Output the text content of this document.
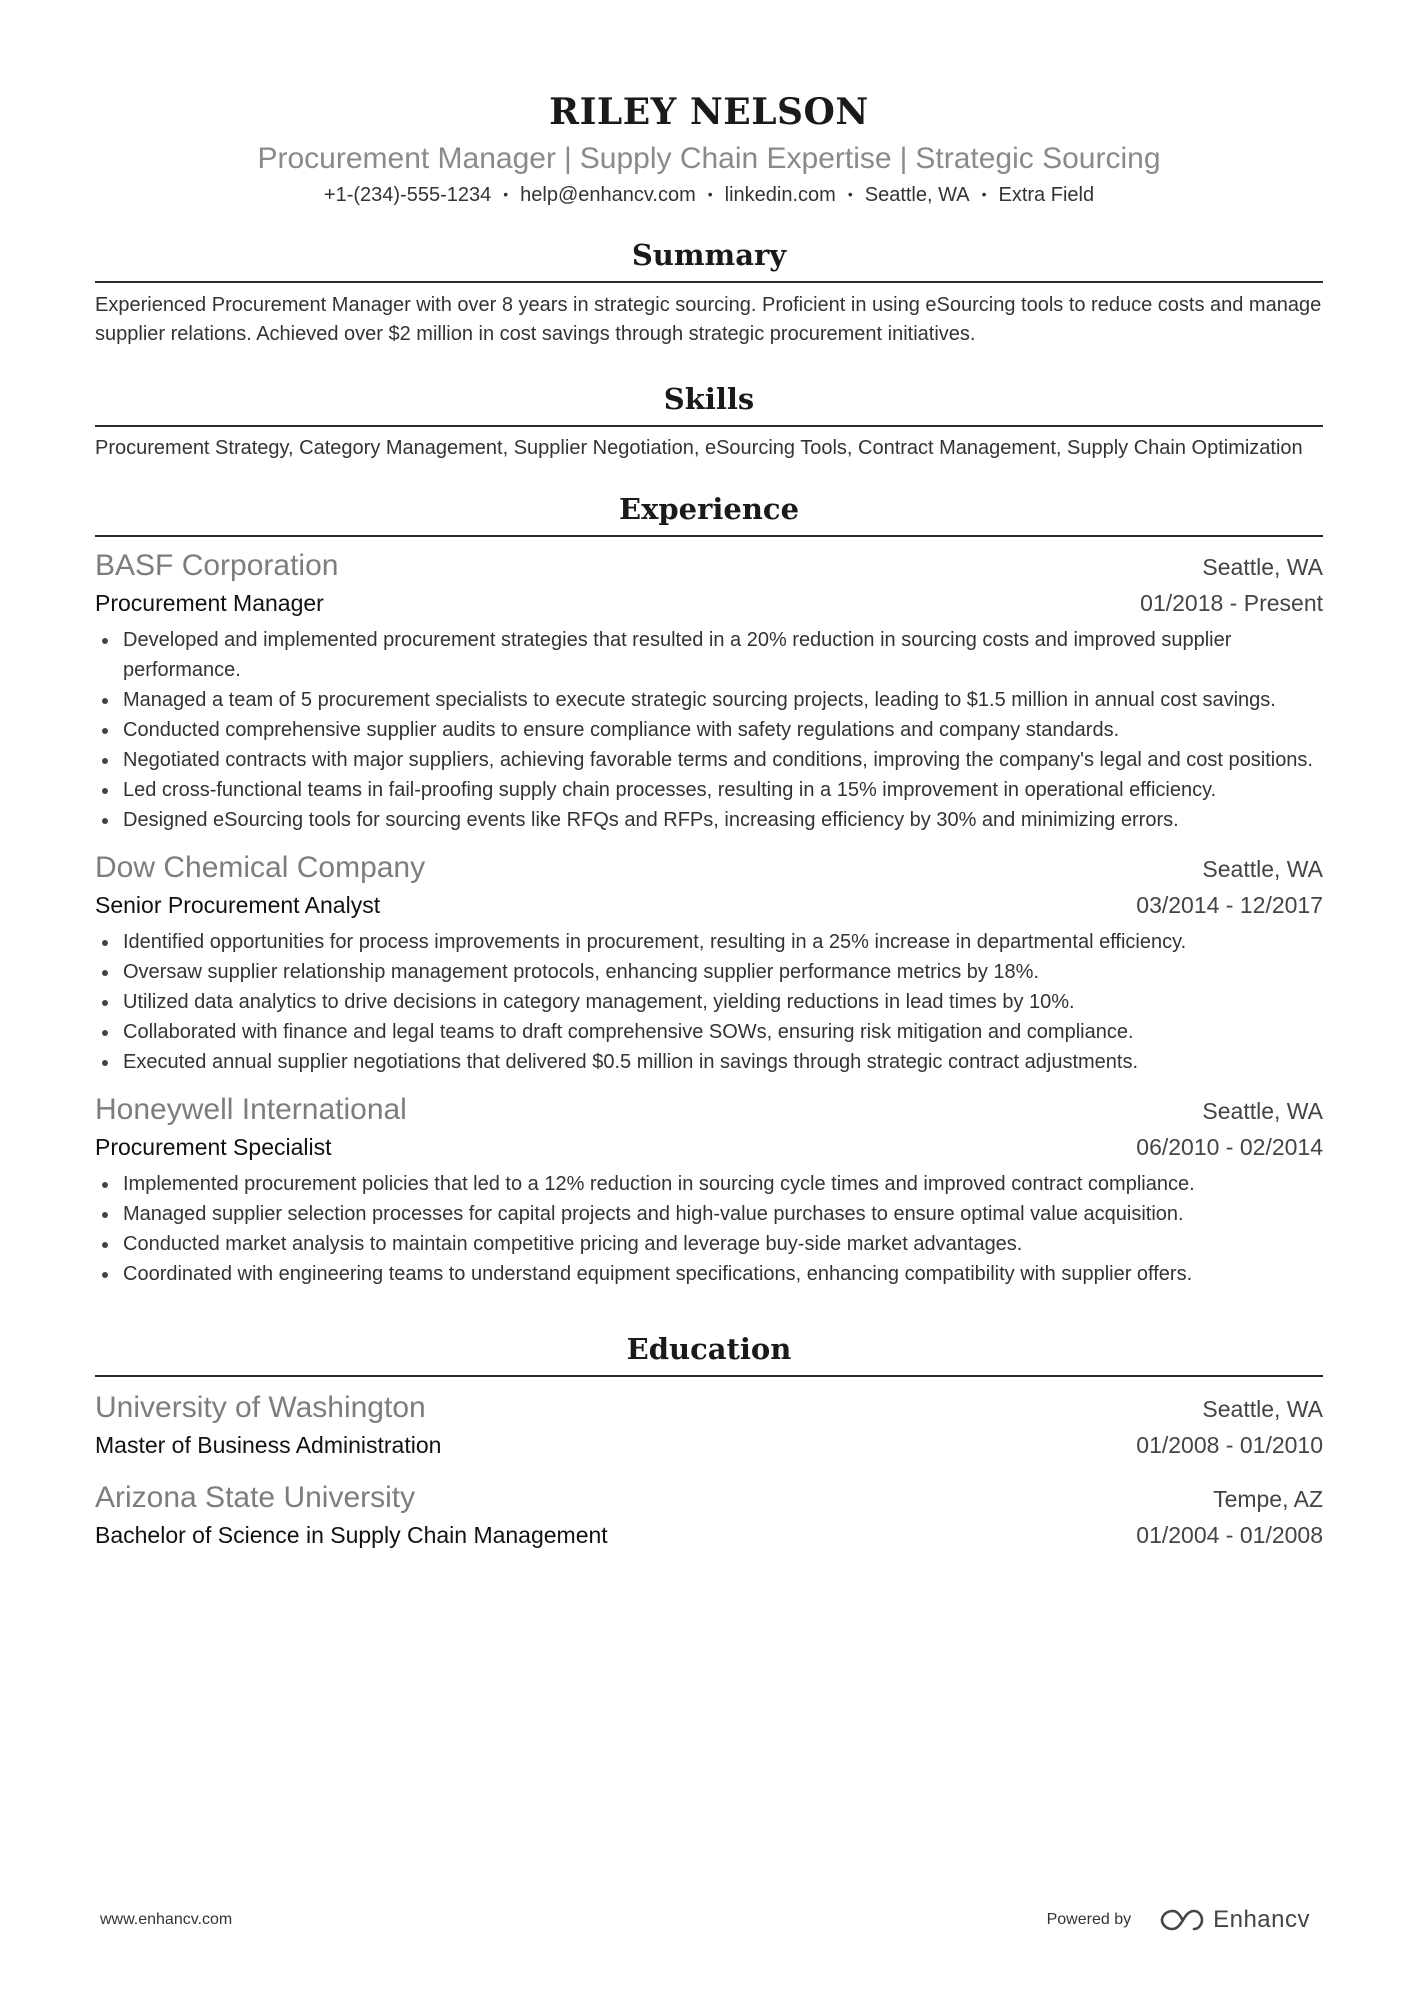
RILEY NELSON
Procurement Manager | Supply Chain Expertise | Strategic Sourcing
+1-(234)-555-1234 • help@enhancv.com • linkedin.com • Seattle, WA • Extra Field
Summary

Experienced Procurement Manager with over 8 years in strategic sourcing. Proficient in using eSourcing tools to reduce costs and manage supplier relations. Achieved over $2 million in cost savings through strategic procurement initiatives.

Skills

Procurement Strategy, Category Management, Supplier Negotiation, eSourcing Tools, Contract Management, Supply Chain Optimization

Experience
BASF Corporation	Seattle, WA
Procurement Manager	01/2018 - Present
Developed and implemented procurement strategies that resulted in a 20% reduction in sourcing costs and improved supplier performance.
Managed a team of 5 procurement specialists to execute strategic sourcing projects, leading to $1.5 million in annual cost savings.
Conducted comprehensive supplier audits to ensure compliance with safety regulations and company standards.
Negotiated contracts with major suppliers, achieving favorable terms and conditions, improving the company's legal and cost positions.
Led cross-functional teams in fail-proofing supply chain processes, resulting in a 15% improvement in operational efficiency.
Designed eSourcing tools for sourcing events like RFQs and RFPs, increasing efficiency by 30% and minimizing errors.
Dow Chemical Company	Seattle, WA
Senior Procurement Analyst	03/2014 - 12/2017
Identified opportunities for process improvements in procurement, resulting in a 25% increase in departmental efficiency.
Oversaw supplier relationship management protocols, enhancing supplier performance metrics by 18%.
Utilized data analytics to drive decisions in category management, yielding reductions in lead times by 10%.
Collaborated with finance and legal teams to draft comprehensive SOWs, ensuring risk mitigation and compliance.
Executed annual supplier negotiations that delivered $0.5 million in savings through strategic contract adjustments.
Honeywell International	Seattle, WA
Procurement Specialist	06/2010 - 02/2014
Implemented procurement policies that led to a 12% reduction in sourcing cycle times and improved contract compliance.
Managed supplier selection processes for capital projects and high-value purchases to ensure optimal value acquisition.
Conducted market analysis to maintain competitive pricing and leverage buy-side market advantages.
Coordinated with engineering teams to understand equipment specifications, enhancing compatibility with supplier offers.
Education
University of Washington	Seattle, WA
Master of Business Administration	01/2008 - 01/2010
Arizona State University	Tempe, AZ
Bachelor of Science in Supply Chain Management	01/2004 - 01/2008
www.enhancv.com	Powered by	Enhancv
